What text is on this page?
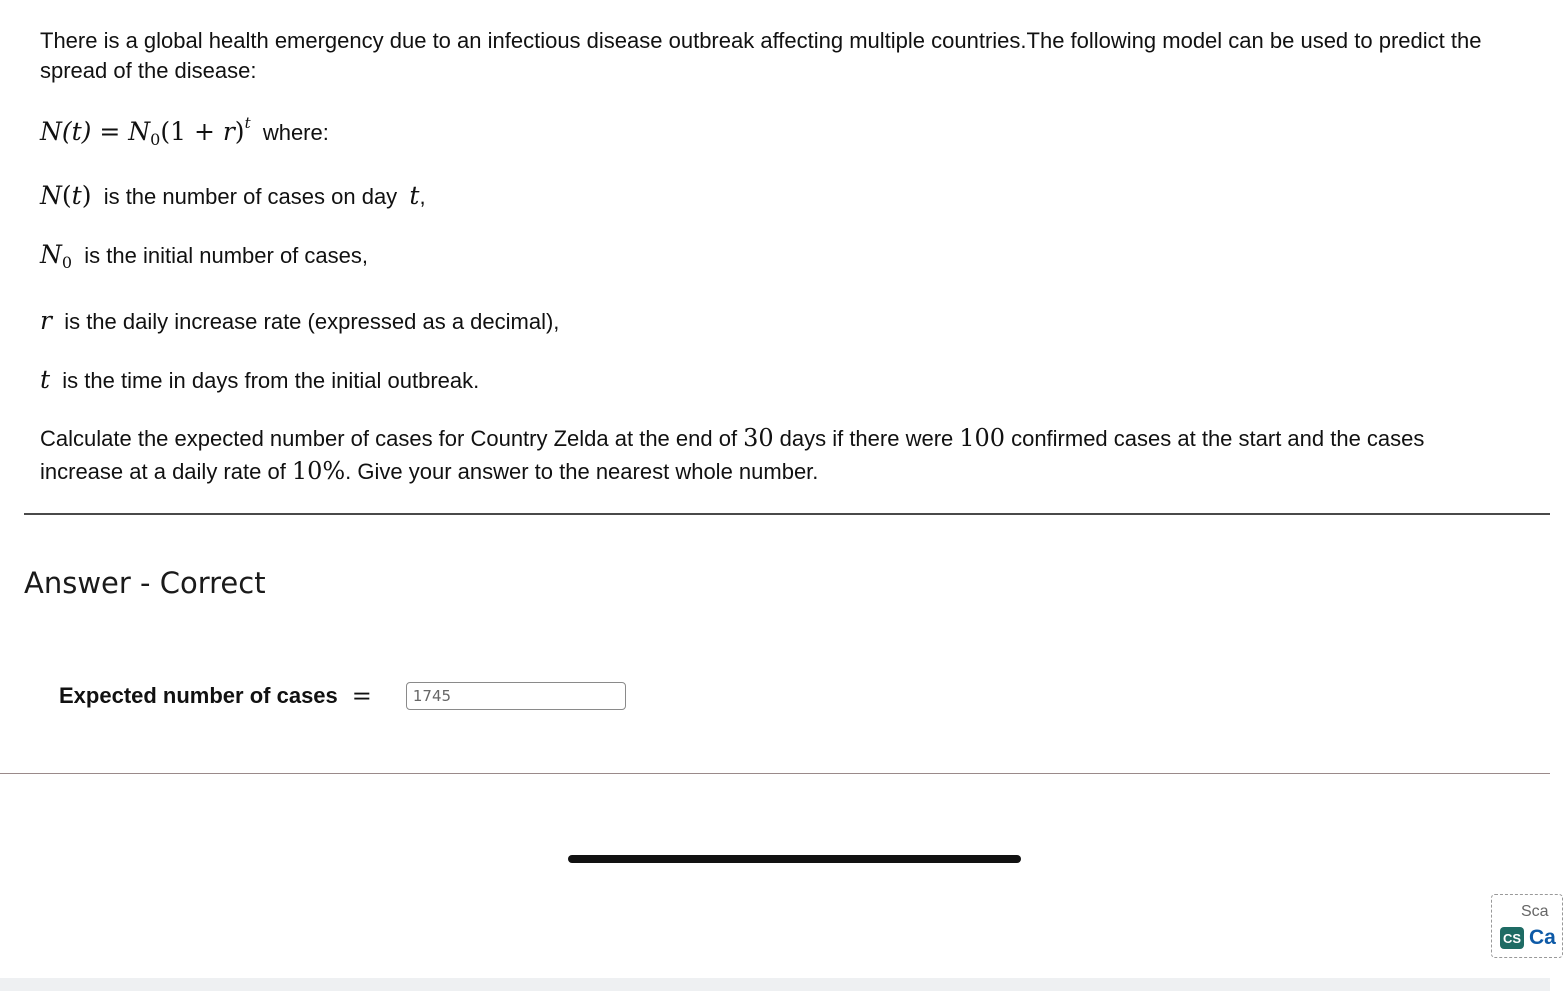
There is a global health emergency due to an infectious disease outbreak affecting multiple countries.The following model can be used to predict the spread of the disease:

$N(t) = N_0(1 + r)^t$ where:

N(t) is the number of cases on day t,

$N_0$ is the initial number of cases,

r is the daily increase rate (expressed as a decimal),

t is the time in days from the initial outbreak.

Calculate the expected number of cases for Country Zelda at the end of 30 days if there were 100 confirmed cases at the start and the cases increase at a daily rate of 10%. Give your answer to the nearest whole number.

Answer - Correct
Expected number of cases =
1745
Sca
CS Ca
